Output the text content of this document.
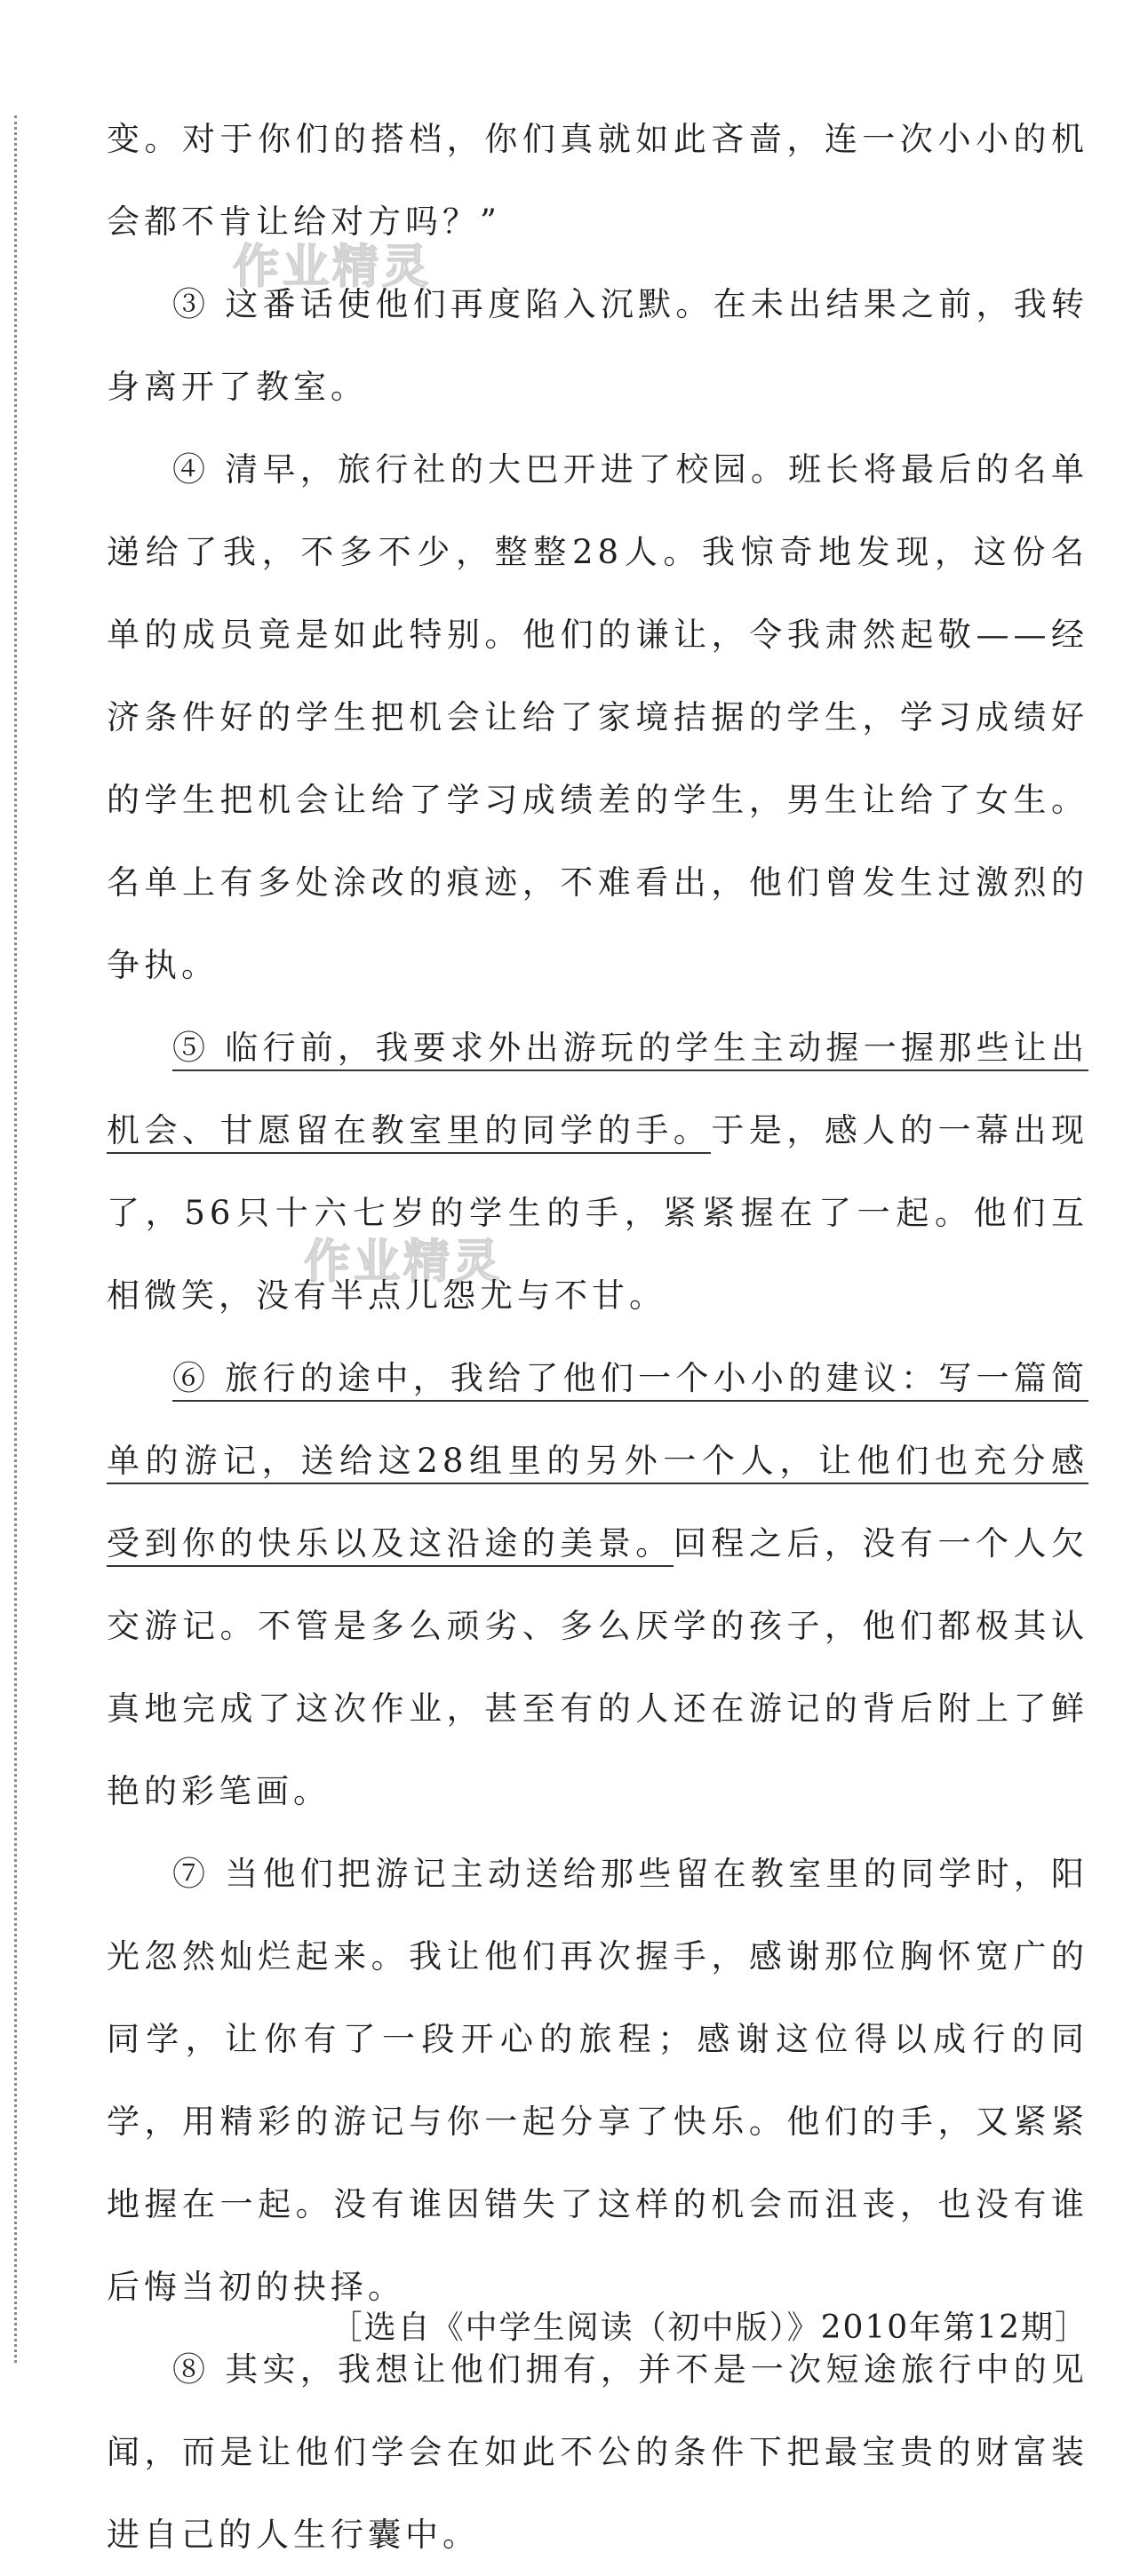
作业精灵
作业精灵

变。对于你们的搭档，你们真就如此吝啬，连一次小小的机会都不肯让给对方吗？”

③ 这番话使他们再度陷入沉默。在未出结果之前，我转身离开了教室。

④ 清早，旅行社的大巴开进了校园。班长将最后的名单递给了我，不多不少，整整28人。我惊奇地发现，这份名单的成员竟是如此特别。他们的谦让，令我肃然起敬——经济条件好的学生把机会让给了家境拮据的学生，学习成绩好的学生把机会让给了学习成绩差的学生，男生让给了女生。名单上有多处涂改的痕迹，不难看出，他们曾发生过激烈的争执。

⑤ 临行前，我要求外出游玩的学生主动握一握那些让出机会、甘愿留在教室里的同学的手。于是，感人的一幕出现了，56只十六七岁的学生的手，紧紧握在了一起。他们互相微笑，没有半点儿怨尤与不甘。

⑥ 旅行的途中，我给了他们一个小小的建议：写一篇简单的游记，送给这28组里的另外一个人，让他们也充分感受到你的快乐以及这沿途的美景。回程之后，没有一个人欠交游记。不管是多么顽劣、多么厌学的孩子，他们都极其认真地完成了这次作业，甚至有的人还在游记的背后附上了鲜艳的彩笔画。

⑦ 当他们把游记主动送给那些留在教室里的同学时，阳光忽然灿烂起来。我让他们再次握手，感谢那位胸怀宽广的同学，让你有了一段开心的旅程；感谢这位得以成行的同学，用精彩的游记与你一起分享了快乐。他们的手，又紧紧地握在一起。没有谁因错失了这样的机会而沮丧，也没有谁后悔当初的抉择。

⑧ 其实，我想让他们拥有，并不是一次短途旅行中的见闻，而是让他们学会在如此不公的条件下把最宝贵的财富装进自己的人生行囊中。

［选自《中学生阅读（初中版）》2010年第12期］
